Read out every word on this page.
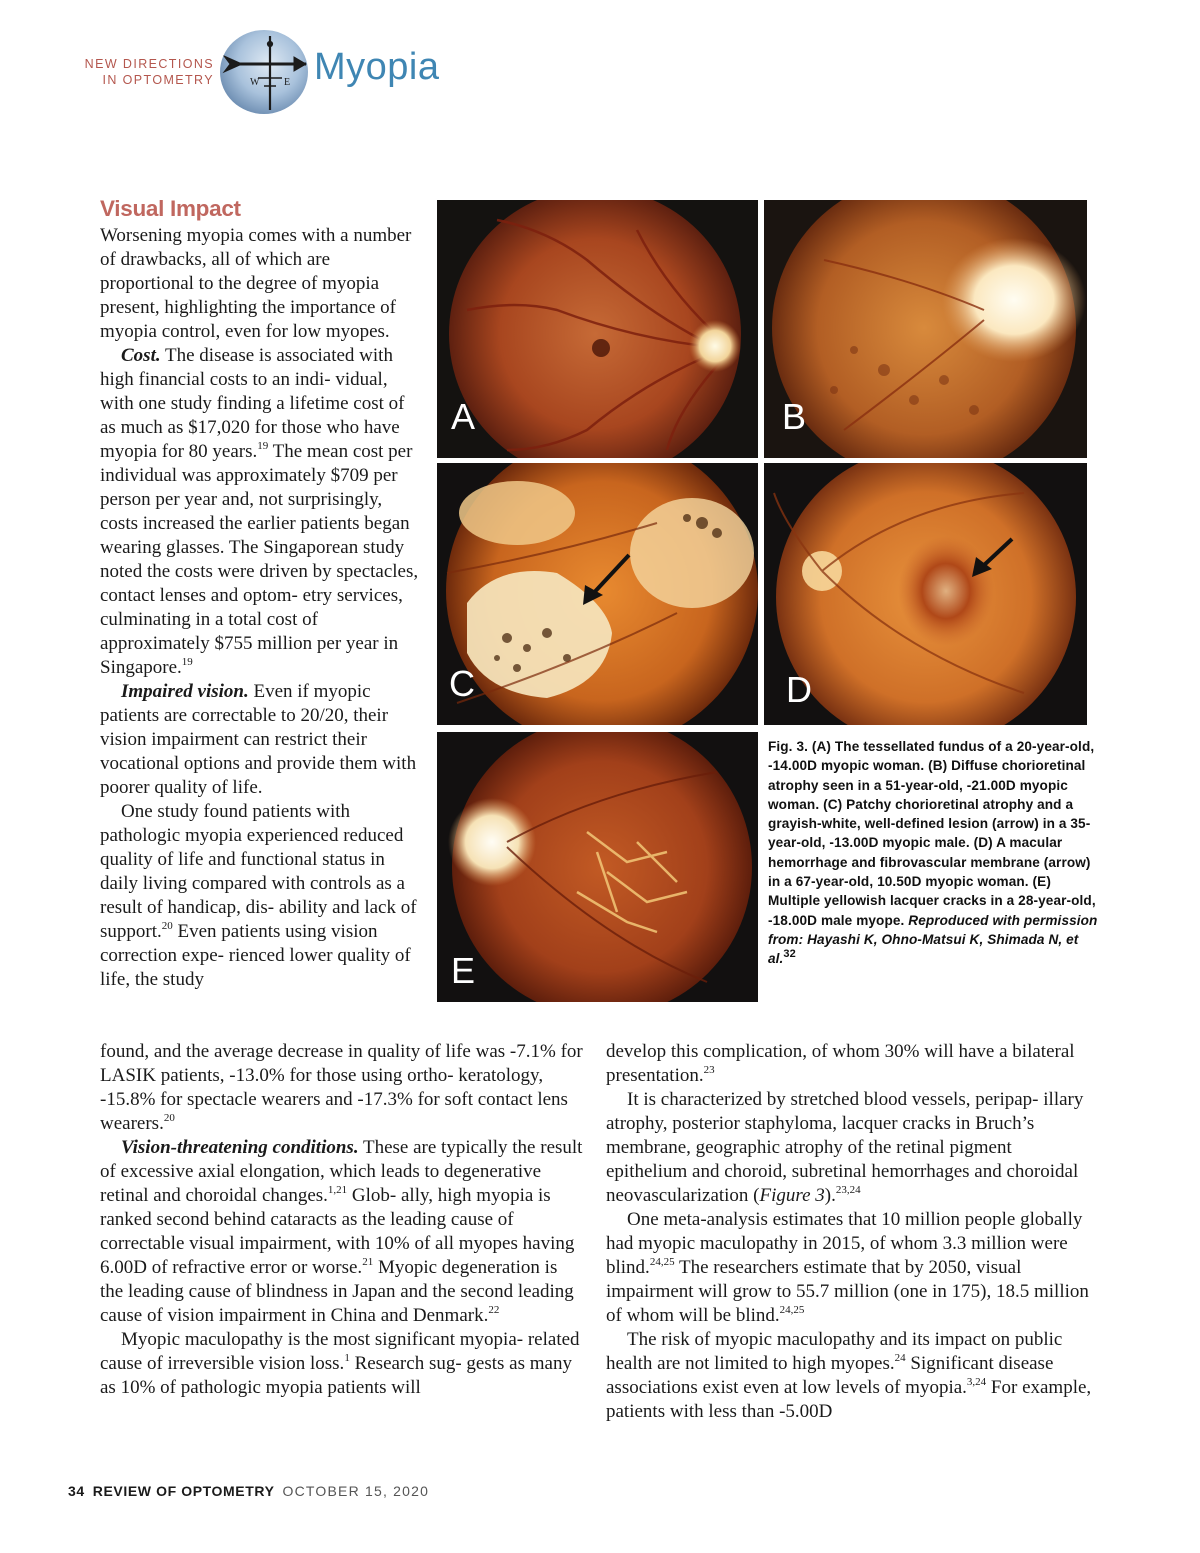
NEW DIRECTIONS
IN OPTOMETRY	W E Myopia
Visual Impact

Worsening myopia comes with a number of drawbacks, all of which are proportional to the degree of myopia present, highlighting the importance of myopia control, even for low myopes.

Cost. The disease is associated with high financial costs to an indi- vidual, with one study finding a lifetime cost of as much as $17,020 for those who have myopia for 80 years.$^{19}$ The mean cost per individual was approximately $709 per person per year and, not surprisingly, costs increased the earlier patients began wearing glasses. The Singaporean study noted the costs were driven by spectacles, contact lenses and optom- etry services, culminating in a total cost of approximately $755 million per year in Singapore.$^{19}$

Impaired vision. Even if myopic patients are correctable to 20/20, their vision impairment can restrict their vocational options and provide them with poorer quality of life.

One study found patients with pathologic myopia experienced reduced quality of life and functional status in daily living compared with controls as a result of handicap, dis- ability and lack of support.$^{20}$ Even patients using vision correction expe- rienced lower quality of life, the study

found, and the average decrease in quality of life was -7.1% for LASIK patients, -13.0% for those using ortho- keratology, -15.8% for spectacle wearers and -17.3% for soft contact lens wearers.$^{20}$

Vision-threatening conditions. These are typically the result of excessive axial elongation, which leads to degenerative retinal and choroidal changes.$^{1,21}$ Glob- ally, high myopia is ranked second behind cataracts as the leading cause of correctable visual impairment, with 10% of all myopes having 6.00D of refractive error or worse.$^{21}$ Myopic degeneration is the leading cause of blindness in Japan and the second leading cause of vision impairment in China and Denmark.$^{22}$

Myopic maculopathy is the most significant myopia- related cause of irreversible vision loss.$^1$ Research sug- gests as many as 10% of pathologic myopia patients will

develop this complication, of whom 30% will have a bilateral presentation.$^{23}$

It is characterized by stretched blood vessels, peripap- illary atrophy, posterior staphyloma, lacquer cracks in Bruch’s membrane, geographic atrophy of the retinal pigment epithelium and choroid, subretinal hemorrhages and choroidal neovascularization (Figure 3).$^{23,24}$

One meta-analysis estimates that 10 million people globally had myopic maculopathy in 2015, of whom 3.3 million were blind.$^{24,25}$ The researchers estimate that by 2050, visual impairment will grow to 55.7 million (one in 175), 18.5 million of whom will be blind.$^{24,25}$

The risk of myopic maculopathy and its impact on public health are not limited to high myopes.$^{24}$ Significant disease associations exist even at low levels of myopia.$^{3,24}$ For example, patients with less than -5.00D

A	B
C	D
E
Fig. 3. (A) The tessellated fundus of a 20-year-old, -14.00D myopic woman. (B) Diffuse chorioretinal atrophy seen in a 51-year-old, -21.00D myopic woman. (C) Patchy chorioretinal atrophy and a grayish-white, well-defined lesion (arrow) in a 35-year-old, -13.00D myopic male. (D) A macular hemorrhage and fibrovascular membrane (arrow) in a 67-year-old, 10.50D myopic woman. (E) Multiple yellowish lacquer cracks in a 28-year-old, -18.00D male myope. Reproduced with permission from: Hayashi K, Ohno-Matsui K, Shimada N, et al.$^{32}$
34 REVIEW OF OPTOMETRY OCTOBER 15, 2020
